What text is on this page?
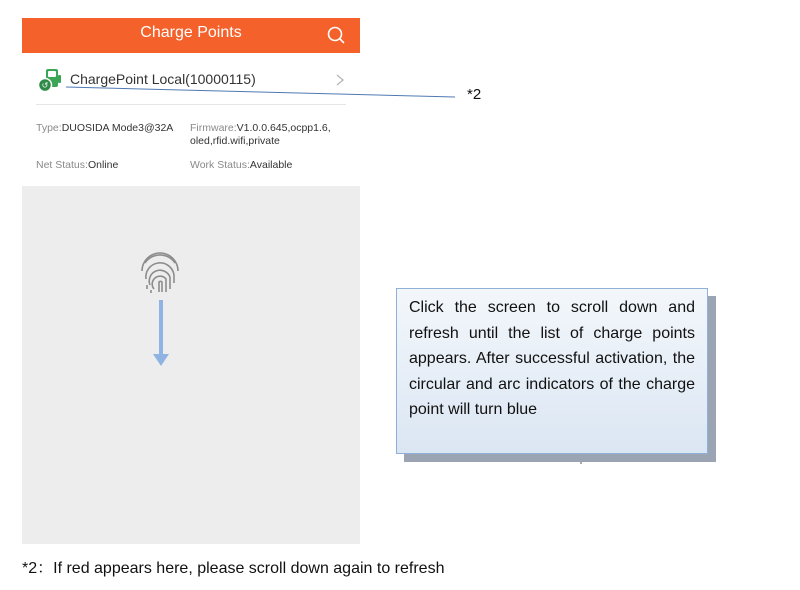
Charge Points
↺ ChargePoint Local(10000115)
Type:DUOSIDA Mode3@32A Firmware:V1.0.0.645,ocpp1.6,
oled,rfid.wifi,private
Net Status:Online	Work Status:Available
*2
Click the screen to scroll down and refresh until the list of charge points appears. After successful activation, the circular and arc indicators of the charge point will turn blue
*2：If red appears here, please scroll down again to refresh
